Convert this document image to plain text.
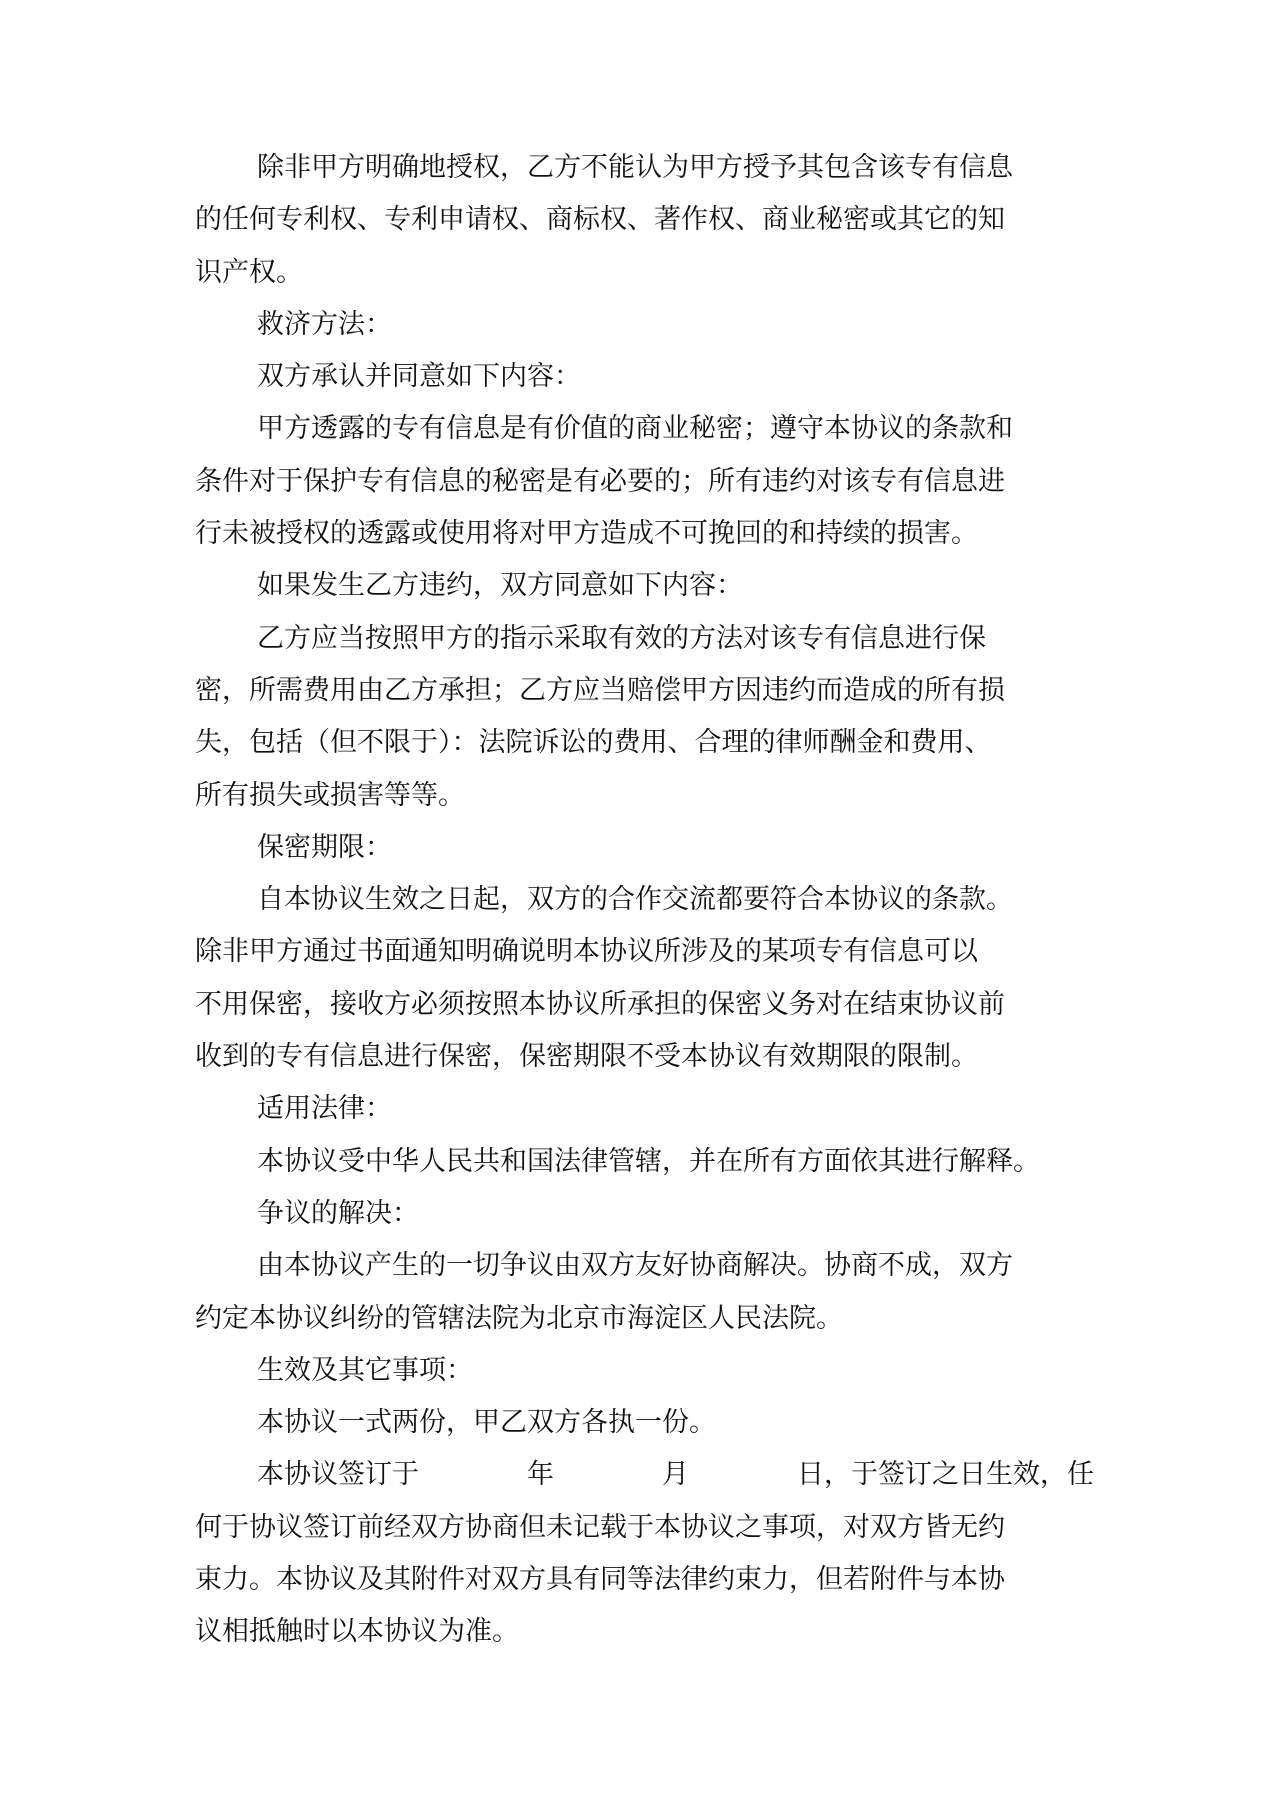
除非甲方明确地授权，乙方不能认为甲方授予其包含该专有信息
的任何专利权、专利申请权、商标权、著作权、商业秘密或其它的知
识产权。
救济方法：
双方承认并同意如下内容：
甲方透露的专有信息是有价值的商业秘密；遵守本协议的条款和
条件对于保护专有信息的秘密是有必要的；所有违约对该专有信息进
行未被授权的透露或使用将对甲方造成不可挽回的和持续的损害。
如果发生乙方违约，双方同意如下内容：
乙方应当按照甲方的指示采取有效的方法对该专有信息进行保
密，所需费用由乙方承担；乙方应当赔偿甲方因违约而造成的所有损
失，包括（但不限于）：法院诉讼的费用、合理的律师酬金和费用、
所有损失或损害等等。
保密期限：
自本协议生效之日起，双方的合作交流都要符合本协议的条款。
除非甲方通过书面通知明确说明本协议所涉及的某项专有信息可以
不用保密，接收方必须按照本协议所承担的保密义务对在结束协议前
收到的专有信息进行保密，保密期限不受本协议有效期限的限制。
适用法律：
本协议受中华人民共和国法律管辖，并在所有方面依其进行解释。
争议的解决：
由本协议产生的一切争议由双方友好协商解决。协商不成，双方
约定本协议纠纷的管辖法院为北京市海淀区人民法院。
生效及其它事项：
本协议一式两份，甲乙双方各执一份。
本协议签订于	年	月	日，于签订之日生效，任
何于协议签订前经双方协商但未记载于本协议之事项，对双方皆无约
束力。本协议及其附件对双方具有同等法律约束力，但若附件与本协
议相抵触时以本协议为准。
